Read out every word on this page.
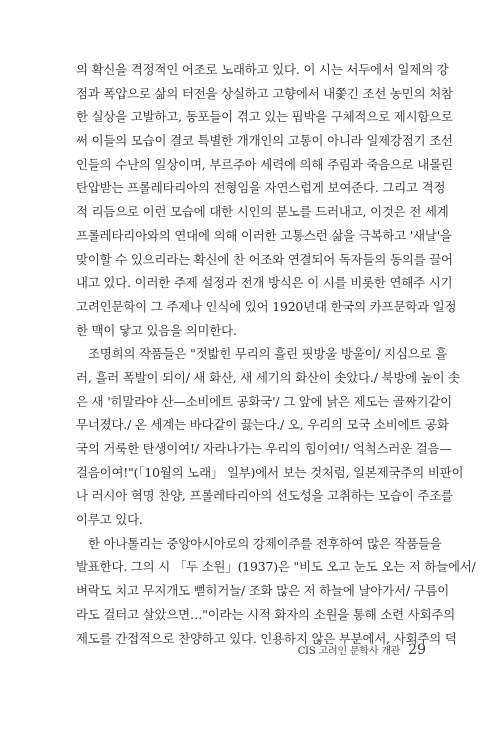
의 확신을 격정적인 어조로 노래하고 있다. 이 시는 서두에서 일제의 강
점과 폭압으로 삶의 터전을 상실하고 고향에서 내쫓긴 조선 농민의 처참
한 실상을 고발하고, 동포들이 겪고 있는 핍박을 구체적으로 제시함으로
써 이들의 모습이 결코 특별한 개개인의 고통이 아니라 일제강점기 조선
인들의 수난의 일상이며, 부르주아 세력에 의해 주림과 죽음으로 내몰린
탄압받는 프롤레타리아의 전형임을 자연스럽게 보여준다. 그리고 격정
적 리듬으로 이런 모습에 대한 시인의 분노를 드러내고, 이것은 전 세계
프롤레타리아와의 연대에 의해 이러한 고통스런 삶을 극복하고 '새날'을
맞이할 수 있으리라는 확신에 찬 어조와 연결되어 독자들의 동의를 끌어
내고 있다. 이러한 주제 설정과 전개 방식은 이 시를 비롯한 연해주 시기
고려인문학이 그 주제나 인식에 있어 1920년대 한국의 카프문학과 일정
한 맥이 닿고 있음을 의미한다.
조명희의 작품들은 "젓밟힌 무리의 흘린 핏방울 방울이/ 지심으로 흘
러, 흘러 폭발이 되이/ 새 화산, 새 세기의 화산이 솟았다./ 북방에 높이 솟
은 새 '히말라야 산—소비에트 공화국'/ 그 앞에 낡은 제도는 골짜기같이
무너졌다./ 온 세계는 바다같이 끓는다./ 오, 우리의 모국 소비에트 공화
국의 거룩한 탄생이여!/ 자라나가는 우리의 힘이여!/ 억척스러운 걸음—
걸음이여!"(「10월의 노래」 일부)에서 보는 것처럼, 일본제국주의 비판이
나 러시아 혁명 찬양, 프롤레타리아의 선도성을 고취하는 모습이 주조를
이루고 있다.
한 아나톨리는 중앙아시아로의 강제이주를 전후하여 많은 작품들을
발표한다. 그의 시 「두 소원」(1937)은 "비도 오고 눈도 오는 저 하늘에서/
벼락도 치고 무지개도 뻗히거늘/ 조화 많은 저 하늘에 날아가서/ 구름이
라도 걸터고 살았으면…"이라는 시적 화자의 소원을 통해 소련 사회주의
제도를 간접적으로 찬양하고 있다. 인용하지 않은 부분에서, 사회주의 덕
CIS 고려인 문학사 개관 29
